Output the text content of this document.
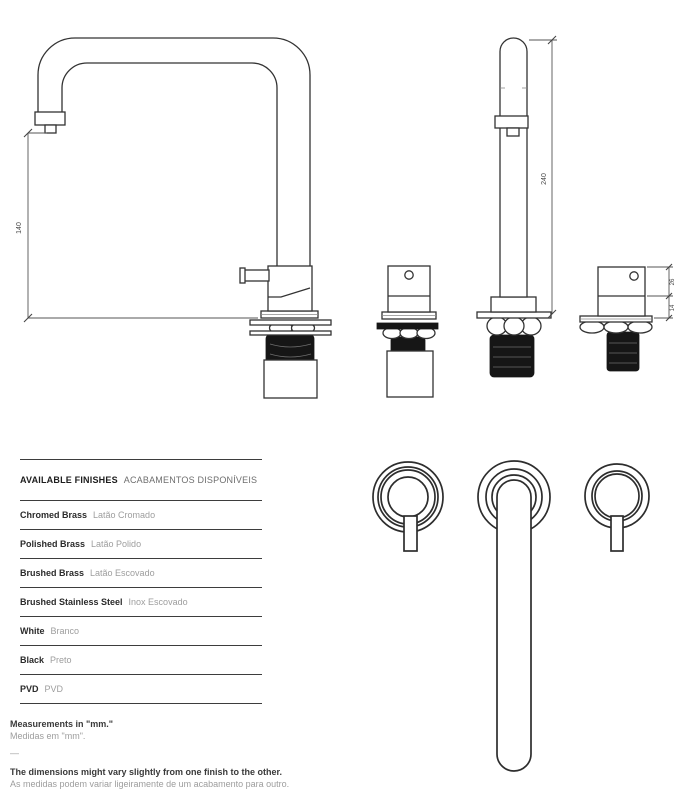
140
240
26
14
AVAILABLE FINISHES ACABAMENTOS DISPONÍVEIS
Chromed Brass Latão Cromado
Polished Brass Latão Polido
Brushed Brass Latão Escovado
Brushed Stainless Steel Inox Escovado
White Branco
Black Preto
PVD PVD
Measurements in "mm."
Medidas em "mm".
—
The dimensions might vary slightly from one finish to the other.
As medidas podem variar ligeiramente de um acabamento para outro.
